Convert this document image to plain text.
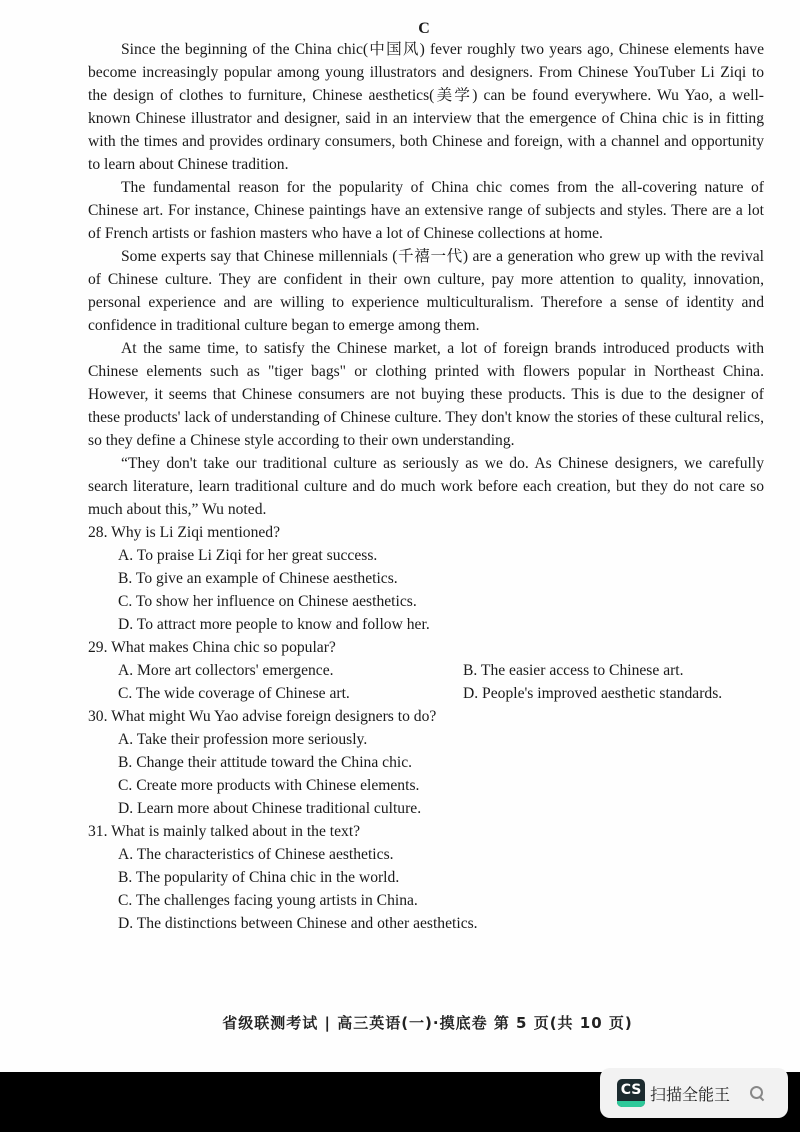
C

Since the beginning of the China chic(中国风) fever roughly two years ago, Chinese elements have become increasingly popular among young illustrators and designers. From Chinese YouTuber Li Ziqi to the design of clothes to furniture, Chinese aesthetics(美学) can be found everywhere. Wu Yao, a well-known Chinese illustrator and designer, said in an interview that the emergence of China chic is in fitting with the times and provides ordinary consumers, both Chinese and foreign, with a channel and opportunity to learn about Chinese tradition.

The fundamental reason for the popularity of China chic comes from the all-covering nature of Chinese art. For instance, Chinese paintings have an extensive range of subjects and styles. There are a lot of French artists or fashion masters who have a lot of Chinese collections at home.

Some experts say that Chinese millennials (千禧一代) are a generation who grew up with the revival of Chinese culture. They are confident in their own culture, pay more attention to quality, innovation, personal experience and are willing to experience multiculturalism. Therefore a sense of identity and confidence in traditional culture began to emerge among them.

At the same time, to satisfy the Chinese market, a lot of foreign brands introduced products with Chinese elements such as "tiger bags" or clothing printed with flowers popular in Northeast China. However, it seems that Chinese consumers are not buying these products. This is due to the designer of these products' lack of understanding of Chinese culture. They don't know the stories of these cultural relics, so they define a Chinese style according to their own understanding.

“They don't take our traditional culture as seriously as we do. As Chinese designers, we carefully search literature, learn traditional culture and do much work before each creation, but they do not care so much about this,” Wu noted.

28. Why is Li Ziqi mentioned?
A. To praise Li Ziqi for her great success.
B. To give an example of Chinese aesthetics.
C. To show her influence on Chinese aesthetics.
D. To attract more people to know and follow her.
29. What makes China chic so popular?
A. More art collectors' emergence.	B. The easier access to Chinese art.
C. The wide coverage of Chinese art.	D. People's improved aesthetic standards.
30. What might Wu Yao advise foreign designers to do?
A. Take their profession more seriously.
B. Change their attitude toward the China chic.
C. Create more products with Chinese elements.
D. Learn more about Chinese traditional culture.
31. What is mainly talked about in the text?
A. The characteristics of Chinese aesthetics.
B. The popularity of China chic in the world.
C. The challenges facing young artists in China.
D. The distinctions between Chinese and other aesthetics.
省级联测考试 | 高三英语(一)·摸底卷 第 5 页(共 10 页)
CS 扫描全能王
